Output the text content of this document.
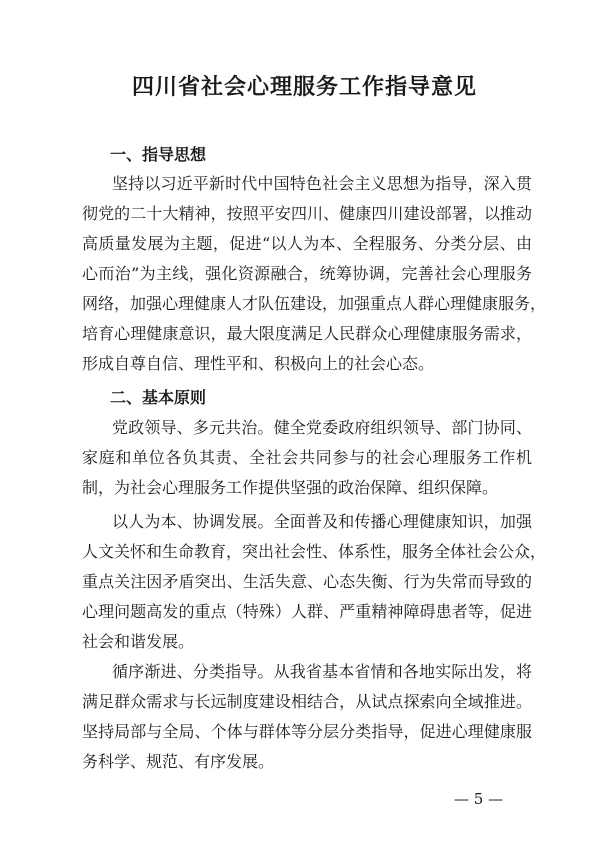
四川省社会心理服务工作指导意见
一、指导思想
坚持以习近平新时代中国特色社会主义思想为指导，深入贯
彻党的二十大精神，按照平安四川、健康四川建设部署，以推动
高质量发展为主题，促进“以人为本、全程服务、分类分层、由
心而治”为主线，强化资源融合，统筹协调，完善社会心理服务
网络，加强心理健康人才队伍建设，加强重点人群心理健康服务，
培育心理健康意识，最大限度满足人民群众心理健康服务需求，
形成自尊自信、理性平和、积极向上的社会心态。
二、基本原则
党政领导、多元共治。健全党委政府组织领导、部门协同、
家庭和单位各负其责、全社会共同参与的社会心理服务工作机
制，为社会心理服务工作提供坚强的政治保障、组织保障。
以人为本、协调发展。全面普及和传播心理健康知识，加强
人文关怀和生命教育，突出社会性、体系性，服务全体社会公众，
重点关注因矛盾突出、生活失意、心态失衡、行为失常而导致的
心理问题高发的重点（特殊）人群、严重精神障碍患者等，促进
社会和谐发展。
循序渐进、分类指导。从我省基本省情和各地实际出发，将
满足群众需求与长远制度建设相结合，从试点探索向全域推进。
坚持局部与全局、个体与群体等分层分类指导，促进心理健康服
务科学、规范、有序发展。
— 5 —
